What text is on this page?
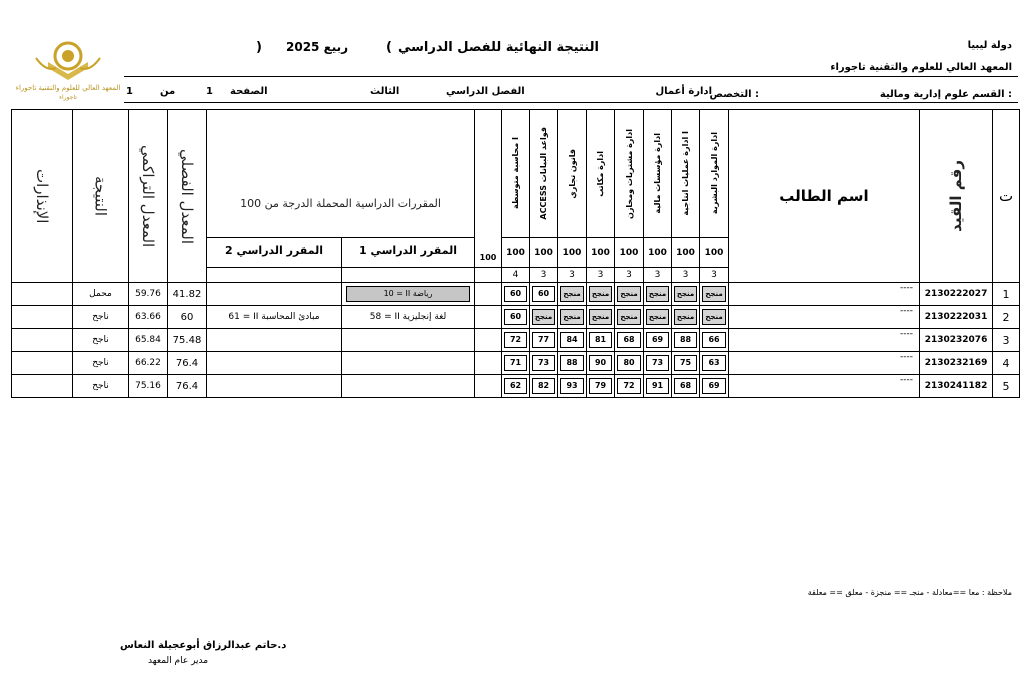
المعهد العالي للعلوم والتقنية تاجوراء
تاجوراء
( النتيجة النهائية للفصل الدراسي
ربيع 2025
)	دولة ليبيا
المعهد العالي للعلوم والتقنية تاجوراء
القسم :
علوم إدارية ومالية
التخصص :
ادارة أعمال
الفصل الدراسي
الثالث
الصفحة
1
من
1
الإنذارات	النتيجة	المعدل التراكمي	المعدل الفصلي	المقررات الدراسية المحملة الدرجة من 100		100	محاسبة متوسطة I	ACCESS قواعد البيانات	قانون تجاري	ادارة مكاتب	ادارة مشتريات ومخازن	ادارة مؤسسات مالية	ادارة عمليات انتاجية I	ادارة الموارد البشرية	اسم الطالب	رقم القيد	ت
				المقرر الدراسي 2	المقرر الدراسي 1		100	100	100	100	100	100	100	100			
							4	3	3	3	3	3	3	3			
	محمل	59.76	41.82		10 = II رياضة		60	60	منجح	منجح	منجح	منجح	منجح	منجح	----	2130222027	1
	ناجح	63.66	60	61 = II مبادئ المحاسبة	58 = II لغة إنجليزية		60	منجح	منجح	منجح	منجح	منجح	منجح	منجح	----	2130222031	2
	ناجح	65.84	75.48				72	77	84	81	68	69	88	66	----	2130232076	3
	ناجح	66.22	76.4				71	73	88	90	80	73	75	63	----	2130232169	4
	ناجح	75.16	76.4				62	82	93	79	72	91	68	69	----	2130241182	5
ملاحظة : معا ==معادلة - منجـ == منجزة - معلق == معلقة
د.حاتم عبدالرزاق أبوعجيلة النعاس
مدير عام المعهد
